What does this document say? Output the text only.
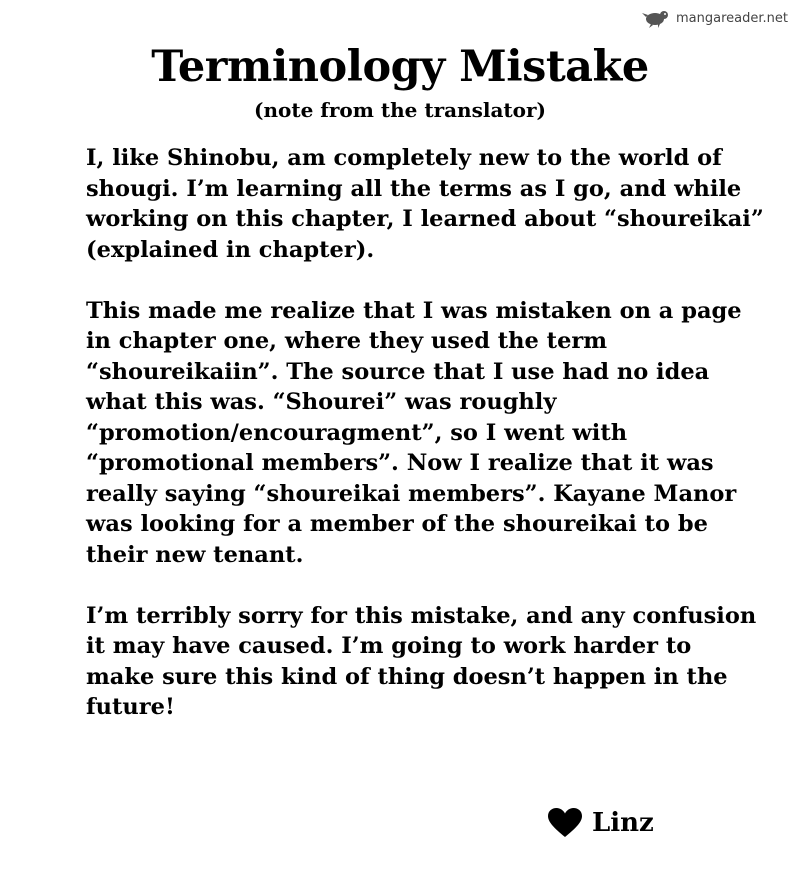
mangareader.net
Terminology Mistake
(note from the translator)

I, like Shinobu, am completely new to the world of shougi. I’m learning all the terms as I go, and while working on this chapter, I learned about “shoureikai” (explained in chapter).

This made me realize that I was mistaken on a page in chapter one, where they used the term “shoureikaiin”. The source that I use had no idea what this was. “Shourei” was roughly “promotion/encouragment”, so I went with “promotional members”. Now I realize that it was really saying “shoureikai members”. Kayane Manor was looking for a member of the shoureikai to be their new tenant.

I’m terribly sorry for this mistake, and any confusion it may have caused. I’m going to work harder to make sure this kind of thing doesn’t happen in the future!

Linz
